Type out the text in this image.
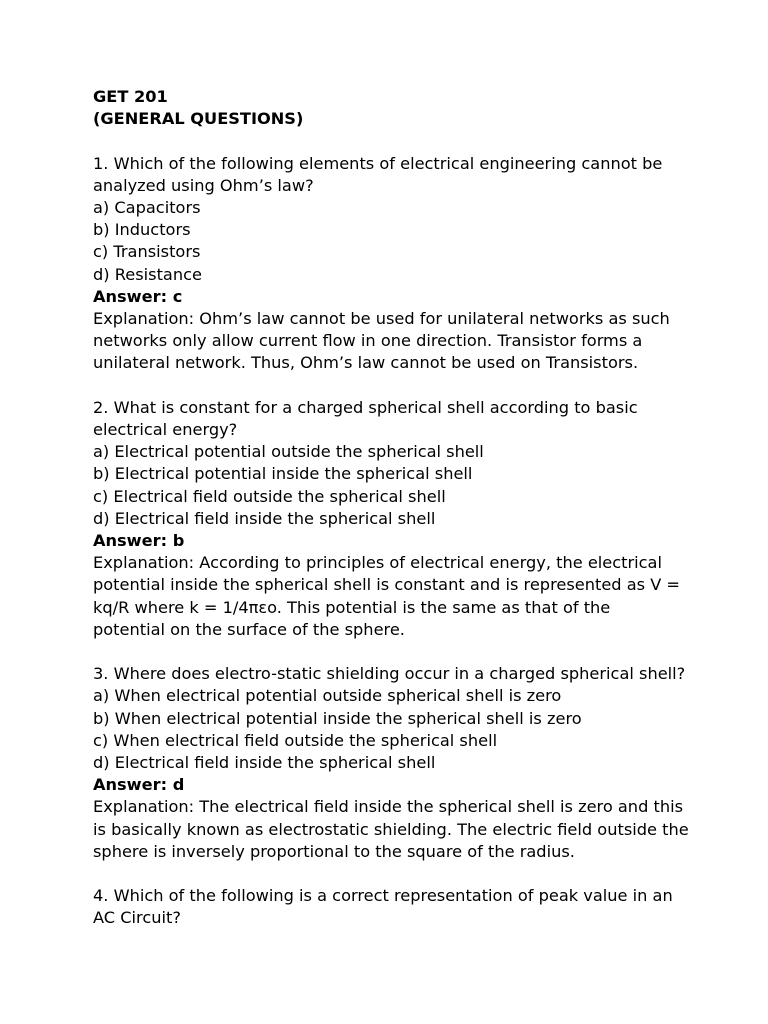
GET 201
(GENERAL QUESTIONS)
1. Which of the following elements of electrical engineering cannot be
analyzed using Ohm’s law?
a) Capacitors
b) Inductors
c) Transistors
d) Resistance
Answer: c
Explanation: Ohm’s law cannot be used for unilateral networks as such
networks only allow current flow in one direction. Transistor forms a
unilateral network. Thus, Ohm’s law cannot be used on Transistors.
2. What is constant for a charged spherical shell according to basic
electrical energy?
a) Electrical potential outside the spherical shell
b) Electrical potential inside the spherical shell
c) Electrical field outside the spherical shell
d) Electrical field inside the spherical shell
Answer: b
Explanation: According to principles of electrical energy, the electrical
potential inside the spherical shell is constant and is represented as V =
kq/R where k = 1/4πεo. This potential is the same as that of the
potential on the surface of the sphere.
3. Where does electro-static shielding occur in a charged spherical shell?
a) When electrical potential outside spherical shell is zero
b) When electrical potential inside the spherical shell is zero
c) When electrical field outside the spherical shell
d) Electrical field inside the spherical shell
Answer: d
Explanation: The electrical field inside the spherical shell is zero and this
is basically known as electrostatic shielding. The electric field outside the
sphere is inversely proportional to the square of the radius.
4. Which of the following is a correct representation of peak value in an
AC Circuit?
